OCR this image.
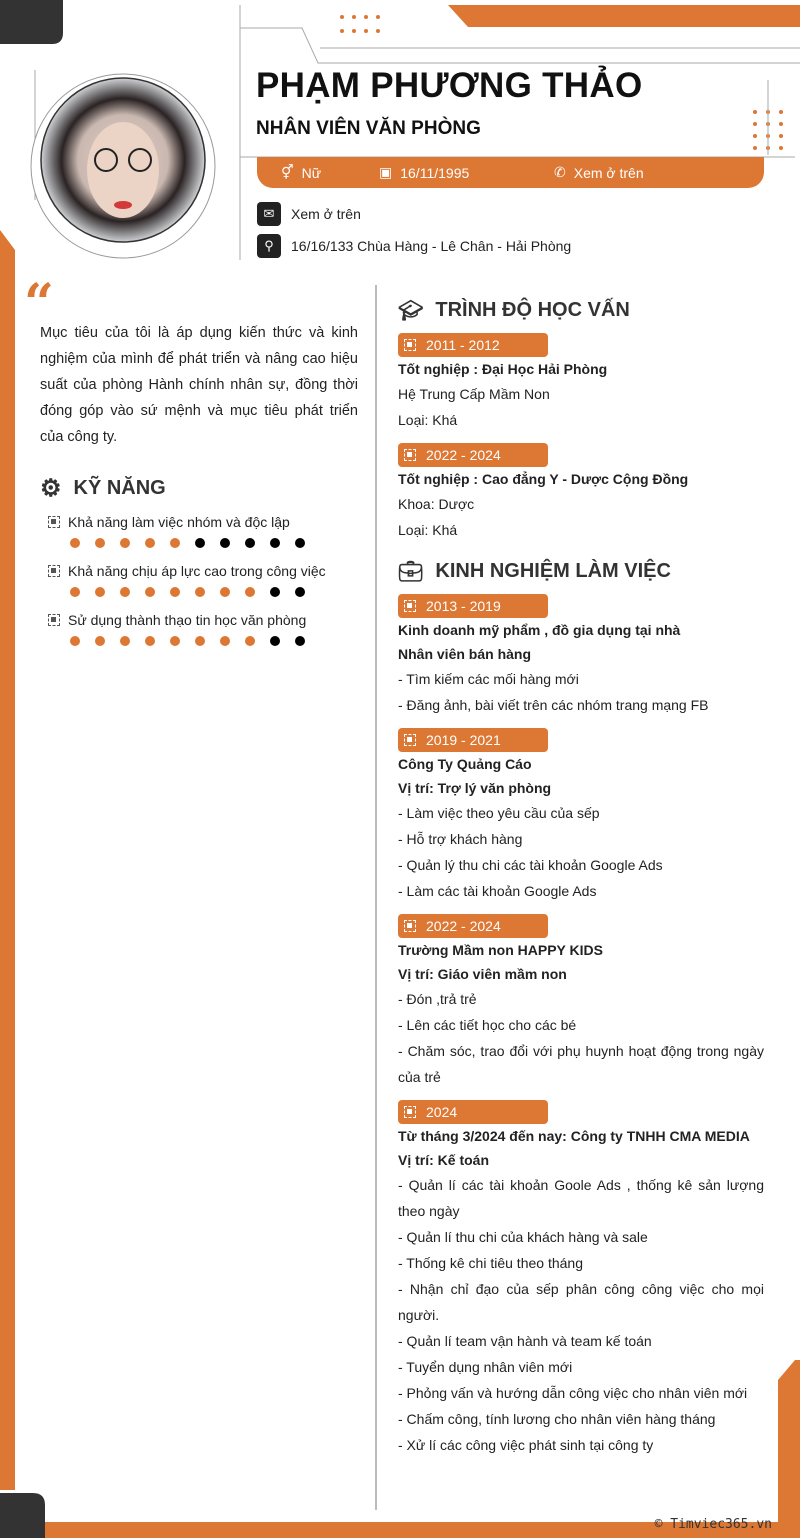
PHẠM PHƯƠNG THẢO
NHÂN VIÊN VĂN PHÒNG
⚥ Nữ	▣ 16/11/1995	✆ Xem ở trên
✉	Xem ở trên
⚲	16/16/133 Chùa Hàng - Lê Chân - Hải Phòng
“
Mục tiêu của tôi là áp dụng kiến thức và kinh nghiệm của mình để phát triển và nâng cao hiệu suất của phòng Hành chính nhân sự, đồng thời đóng góp vào sứ mệnh và mục tiêu phát triển của công ty.
⚙ KỸ NĂNG
Khả năng làm việc nhóm và độc lập
Khả năng chịu áp lực cao trong công việc
Sử dụng thành thạo tin học văn phòng
🎓︎ TRÌNH ĐỘ HỌC VẤN
2011 - 2012
Tốt nghiệp : Đại Học Hải Phòng
Hệ Trung Cấp Mầm Non
Loại: Khá
2022 - 2024
Tốt nghiệp : Cao đẳng Y - Dược Cộng Đồng
Khoa: Dược
Loại: Khá
💼︎ KINH NGHIỆM LÀM VIỆC
2013 - 2019
Kinh doanh mỹ phẩm , đồ gia dụng tại nhà
Nhân viên bán hàng
- Tìm kiếm các mối hàng mới
- Đăng ảnh, bài viết trên các nhóm trang mạng FB
2019 - 2021
Công Ty Quảng Cáo
Vị trí: Trợ lý văn phòng
- Làm việc theo yêu cầu của sếp
- Hỗ trợ khách hàng
- Quản lý thu chi các tài khoản Google Ads
- Làm các tài khoản Google Ads
2022 - 2024
Trường Mầm non HAPPY KIDS
Vị trí: Giáo viên mầm non
- Đón ,trả trẻ
- Lên các tiết học cho các bé
- Chăm sóc, trao đổi với phụ huynh hoạt động trong ngày của trẻ
2024
Từ tháng 3/2024 đến nay: Công ty TNHH CMA MEDIA
Vị trí: Kế toán
- Quản lí các tài khoản Goole Ads , thống kê sản lượng theo ngày
- Quản lí thu chi của khách hàng và sale
- Thống kê chi tiêu theo tháng
- Nhận chỉ đạo của sếp phân công công việc cho mọi người.
- Quản lí team vận hành và team kế toán
- Tuyển dụng nhân viên mới
- Phỏng vấn và hướng dẫn công việc cho nhân viên mới
- Chấm công, tính lương cho nhân viên hàng tháng
- Xử lí các công việc phát sinh tại công ty
© Timviec365.vn
